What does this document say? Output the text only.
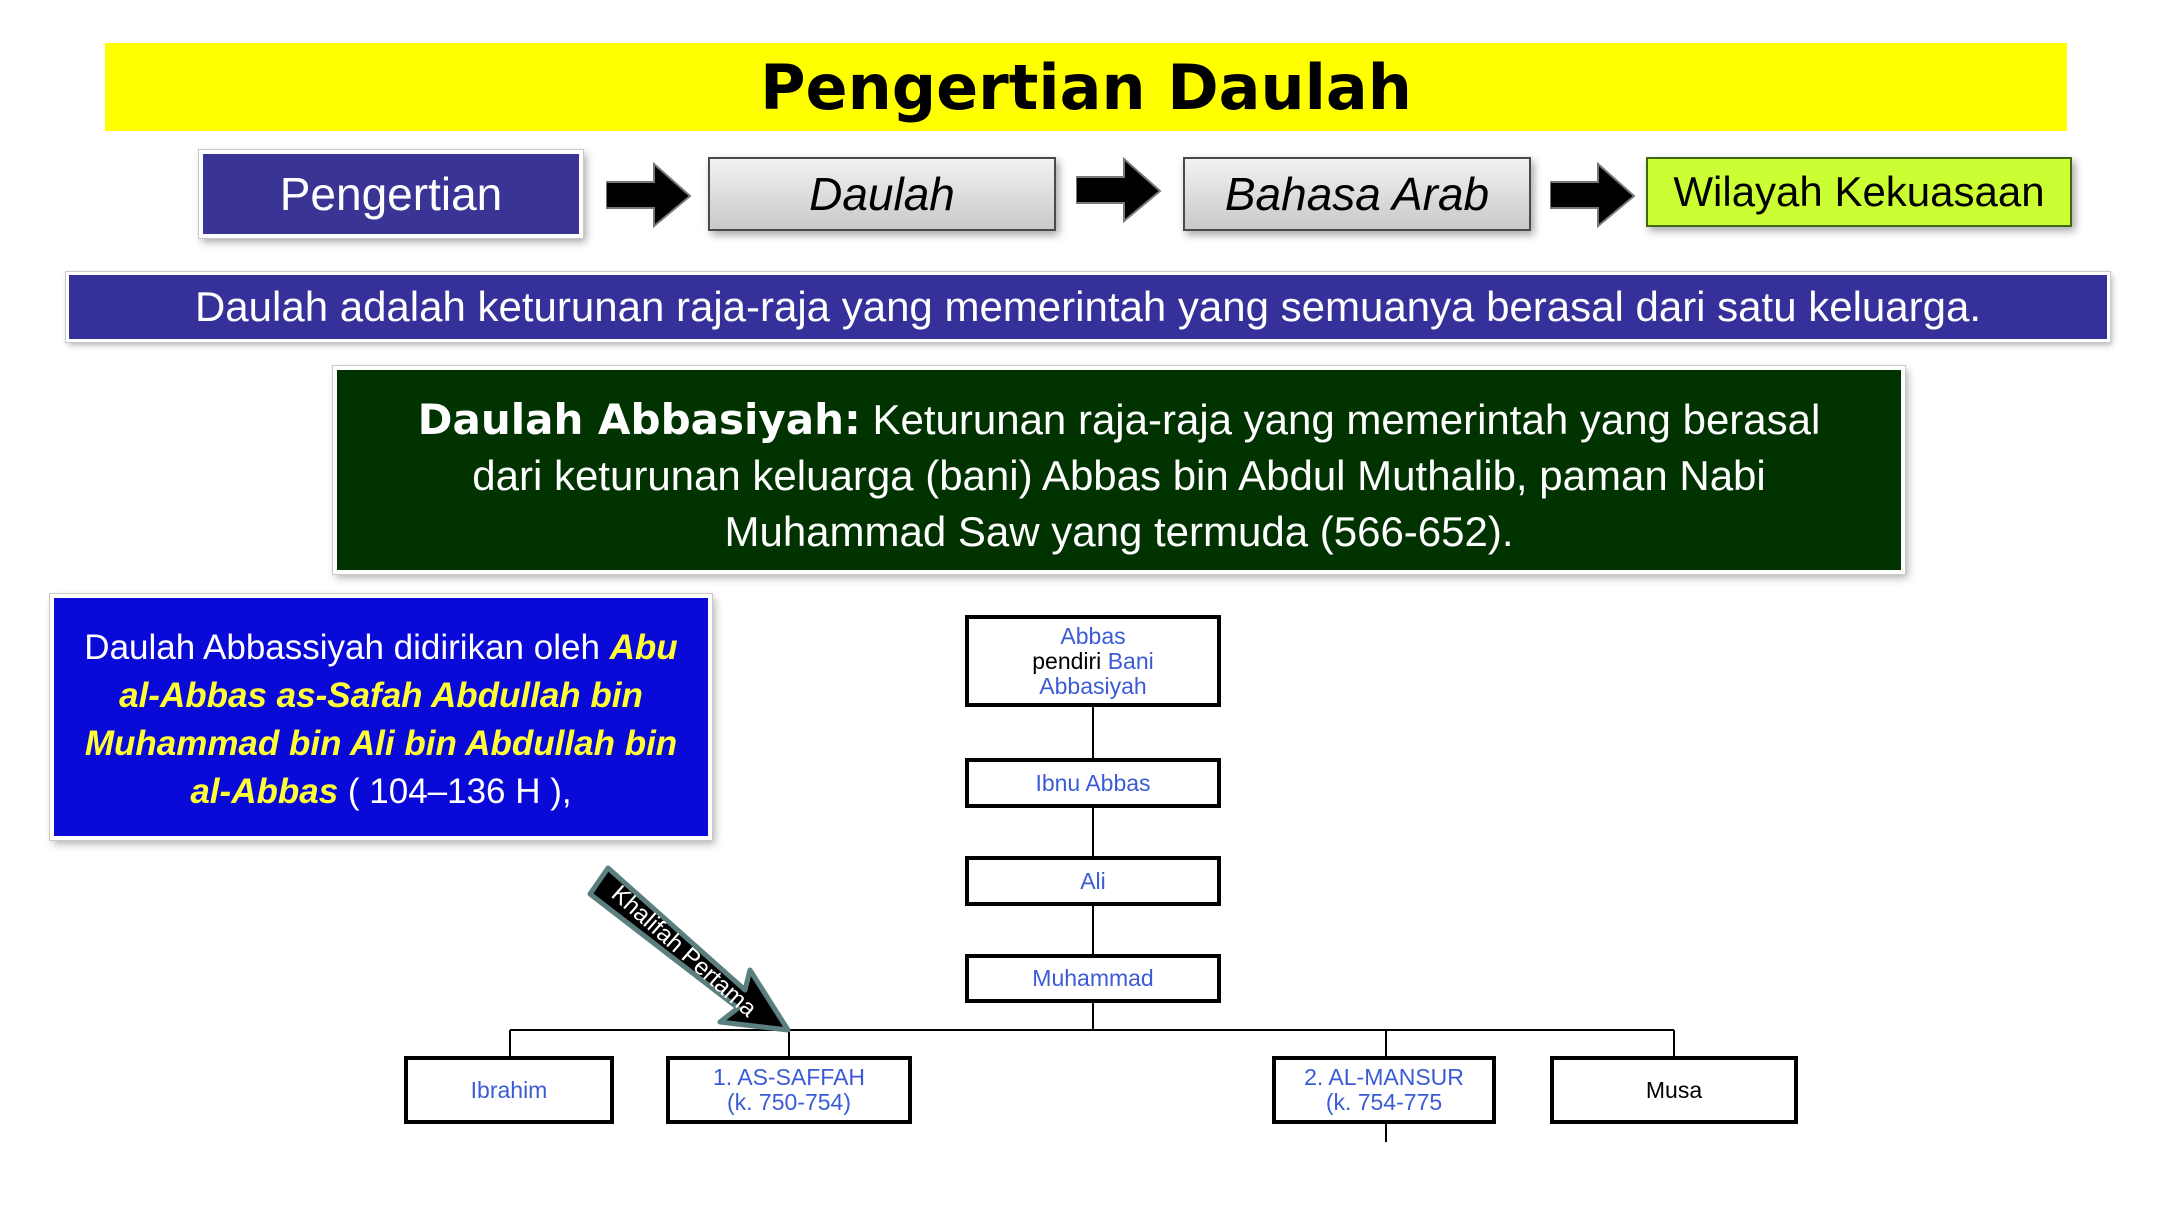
Pengertian Daulah
Pengertian	Daulah	Bahasa Arab	Wilayah Kekuasaan
Daulah adalah keturunan raja-raja yang memerintah yang semuanya berasal dari satu keluarga.
Daulah Abbasiyah: Keturunan raja-raja yang memerintah yang berasal
dari keturunan keluarga (bani) Abbas bin Abdul Muthalib, paman Nabi
Muhammad Saw yang termuda (566-652).
Daulah Abbassiyah didirikan oleh Abu
al-Abbas as-Safah Abdullah bin
Muhammad bin Ali bin Abdullah bin
al-Abbas ( 104–136 H ),
Abbas
pendiri Bani
Abbasiyah
Ibnu Abbas
Ali
Muhammad
Ibrahim	1. AS-SAFFAH
(k. 750-754)
2. AL-MANSUR
(k. 754-775	Musa
Khalifah Pertama
